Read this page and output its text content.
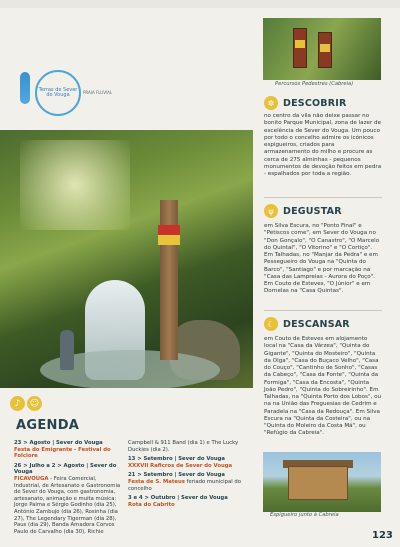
Terras de Sever do Vouga	PRAIA FLUVIAL
♪	☺
AGENDA
23 > Agosto | Sever do Vouga
Festa do Emigrante - Festival do Folclore
26 > Julho a 2 > Agosto | Sever do Vouga
FICAVOUGA - Feira Comercial, Industrial, de Artesanato e Gastronomia de Sever do Vouga, com gastronomia, artesanato, animação e muita música: Jorge Palma e Sérgio Godinho (dia 25), António Zambujo (dia 26), Rosinha (dia 27), The Legendary Tigerman (dia 28), Paus (dia 29), Banda Amadora Corvos Paulo de Carvalho (dia 30), Richie
Campbell & 911 Band (dia 1) e The Lucky Duckies (dia 2).
13 > Setembro | Sever do Vouga
XXXVII Raficros de Sever do Vouga
21 > Setembro | Sever do Vouga
Festa de S. Mateus feriado municipal do concelho
3 e 4 > Outubro | Sever do Vouga
Rota do Cabrito
Percursos Pedestres (Cabreia)
✲ DESCOBRIR
no centro da vila não deixe passar no bonito Parque Municipal, zona de lazer de excelência de Sever do Vouga. Um pouco por todo o concelho admire os icónicos espigueiros, criados para armazenamento do milho e procure as cerca de 275 alminhas - pequenos monumentos de devoção feitos em pedra - espalhados por toda a região.
ψ DEGUSTAR
em Silva Escura, no "Ponto Final" e "Petiscos come", em Sever do Vouga no "Don Gonçalo", "O Canastro", "O Marcelo do Quintal", "O Vitorino" e "O Cortiço". Em Talhadas, no "Manjar da Pedra" e em Pessegueiro do Vouga na "Quinta do Barco", "Santiago" e por marcação na "Casa das Lampreias - Aurora do Poço". Em Couto de Esteves, "O Júnior" e em Dornelas na "Casa Quintas".
☾ DESCANSAR
em Couto de Esteves em alojamento local na "Casa da Várzea", "Quinta do Gigante", "Quinta do Mosteiro", "Quinta da Olga", "Casa do Buçaco Velho", "Casa do Couço", "Cantinho de Sonho", "Casas da Cabeço", "Casa da Fonte", "Quinta da Formiga", "Casa da Encosta", "Quinta João Pedro", "Quinta do Sobreirinho". Em Talhadas, na "Quinta Porto dos Lobos", ou na na União das Freguesias de Cedrim e Paradela na "Casa da Redouça". Em Silva Escura na "Quinta da Costeira", ou na "Quinta do Moleiro da Costa Má", ou "Refúgio da Cabreia".
Espigueiro junto à Cabreia
123
